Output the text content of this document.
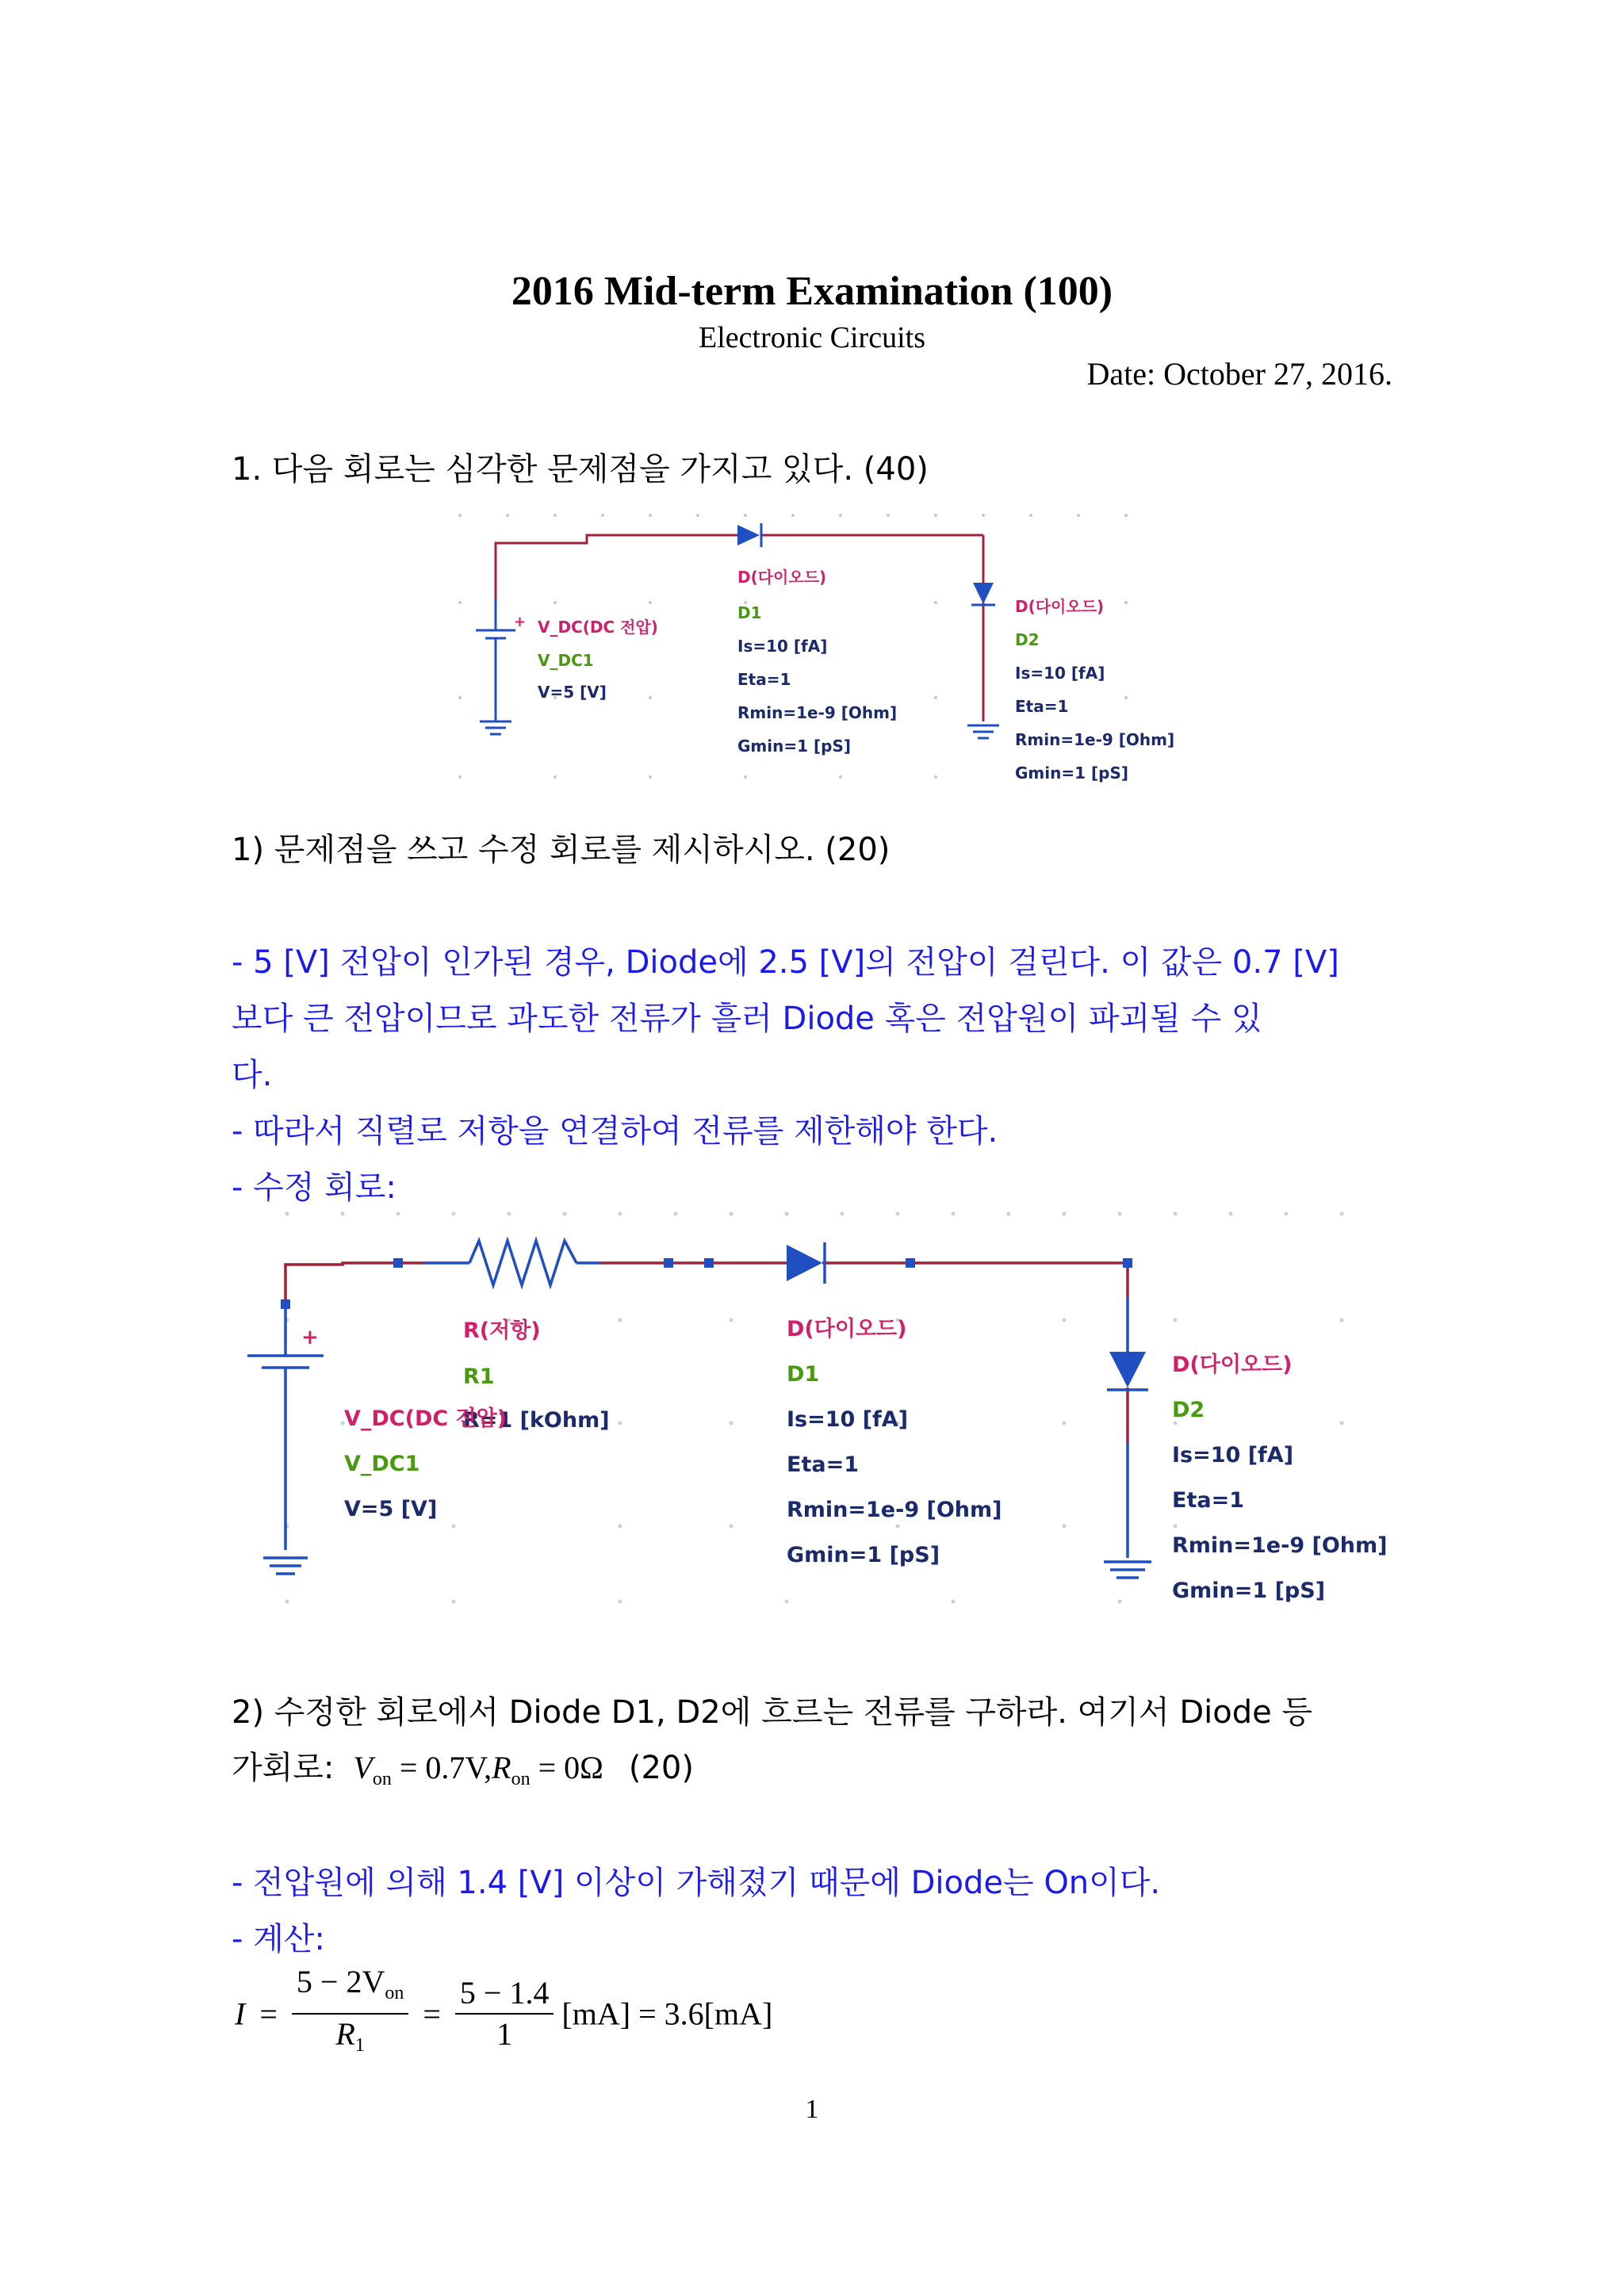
2016 Mid-term Examination (100)
Electronic Circuits
Date: October 27, 2016.
1. 다음 회로는 심각한 문제점을 가지고 있다. (40)
+ V_DC(DC 전압)
V_DC1
V=5 [V]
D(다이오드)
D1
Is=10 [fA]
Eta=1
Rmin=1e-9 [Ohm]
Gmin=1 [pS]
D(다이오드)
D2
Is=10 [fA]
Eta=1
Rmin=1e-9 [Ohm]
Gmin=1 [pS]
1) 문제점을 쓰고 수정 회로를 제시하시오. (20)
- 5 [V] 전압이 인가된 경우, Diode에 2.5 [V]의 전압이 걸린다. 이 값은 0.7 [V]
보다 큰 전압이므로 과도한 전류가 흘러 Diode 혹은 전압원이 파괴될 수 있
다.
- 따라서 직렬로 저항을 연결하여 전류를 제한해야 한다.
- 수정 회로:
+	R(저항)
R1
R=1 [kOhm]
V_DC(DC 전압)
V_DC1
V=5 [V]
D(다이오드)
D1
Is=10 [fA]
Eta=1
Rmin=1e-9 [Ohm]
Gmin=1 [pS]
D(다이오드)
D2
Is=10 [fA]
Eta=1
Rmin=1e-9 [Ohm]
Gmin=1 [pS]
2) 수정한 회로에서 Diode D1, D2에 흐르는 전류를 구하라. 여기서 Diode 등
가회로: $V_{on} = 0.7V,R_{on} = 0\Omega$ (20)
- 전압원에 의해 1.4 [V] 이상이 가해졌기 때문에 Diode는 On이다.
- 계산:
$I = \frac{5 - 2V_{on}}{R_1} = \frac{5 - 1.4}{1} [mA] = 3.6[mA]$
1
